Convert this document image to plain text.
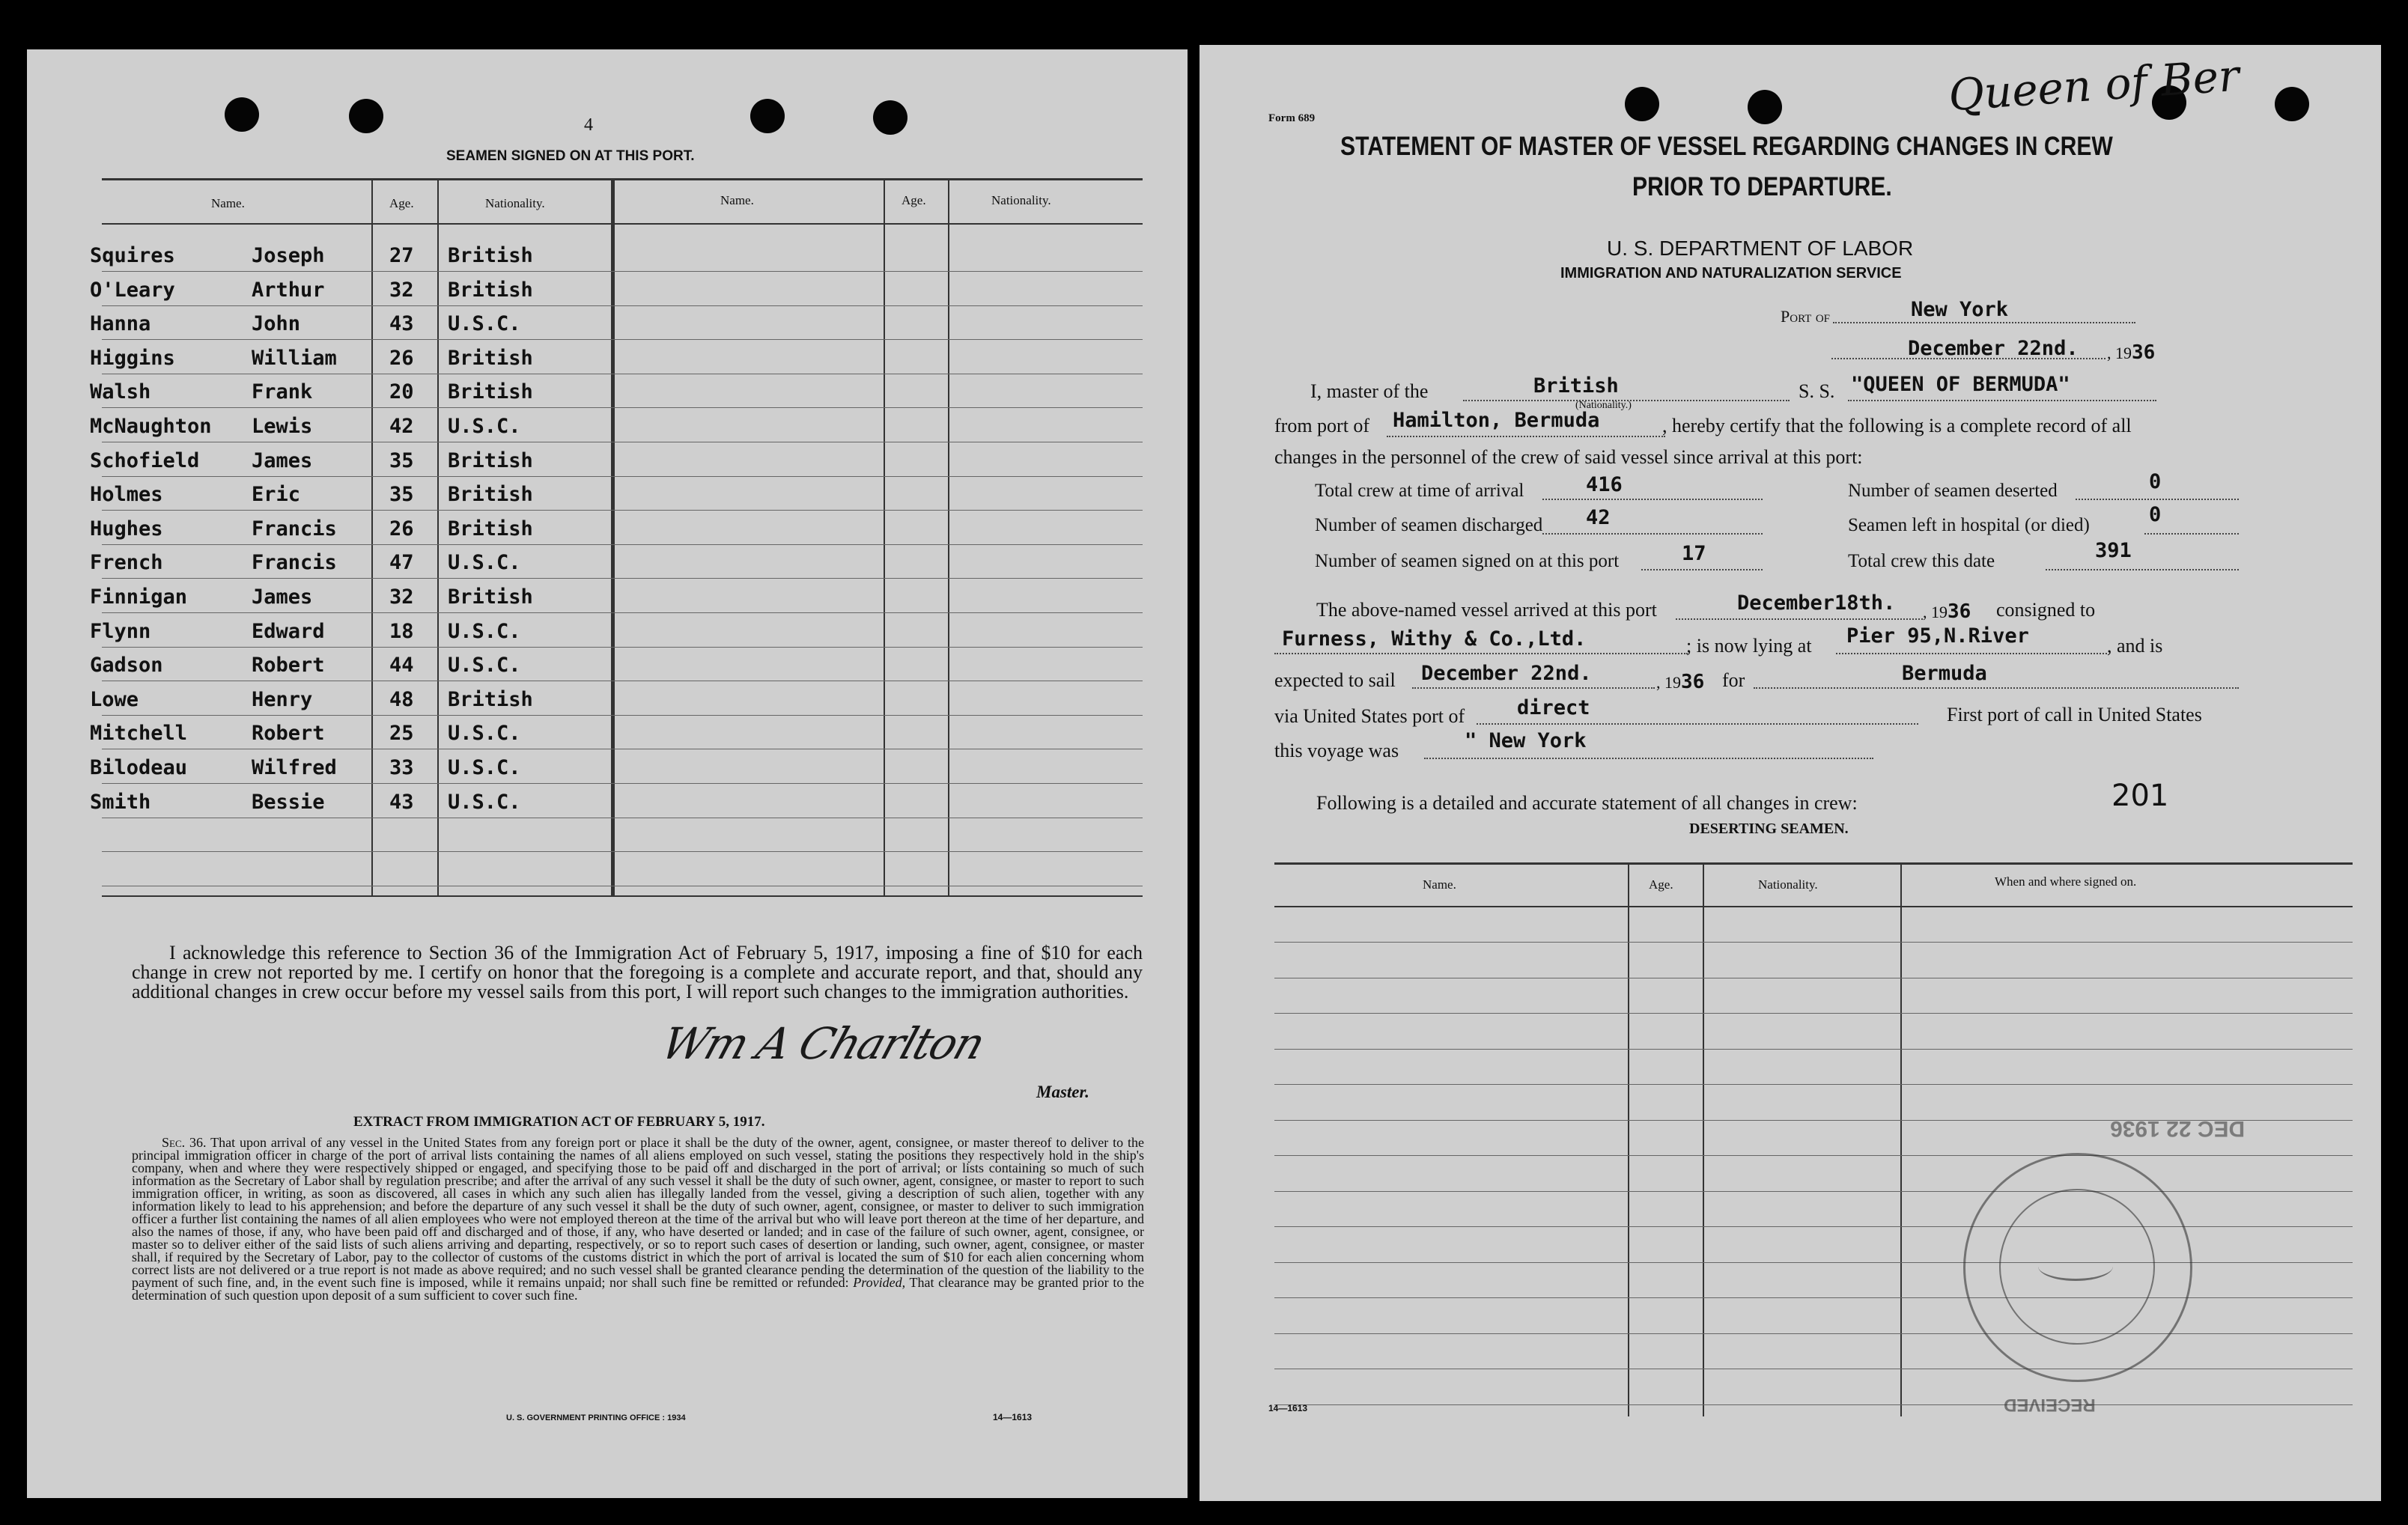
4
SEAMEN SIGNED ON AT THIS PORT.
Name.	Age.	Nationality.	Name.	Age.	Nationality.
Squires	Joseph	27 British
O'Leary	Arthur	32 British
Hanna	John	43 U.S.C.
Higgins	William	26 British
Walsh	Frank	20 British
McNaughton Lewis	42 U.S.C.
Schofield	James	35 British
Holmes	Eric	35 British
Hughes	Francis	26 British
French	Francis	47 U.S.C.
Finnigan	James	32 British
Flynn	Edward	18 U.S.C.
Gadson	Robert	44 U.S.C.
Lowe	Henry	48 British
Mitchell	Robert	25 U.S.C.
Bilodeau	Wilfred	33 U.S.C.
Smith	Bessie	43 U.S.C.
I acknowledge this reference to Section 36 of the Immigration Act of February 5, 1917, imposing a fine of $10 for each change in crew not reported by me. I certify on honor that the foregoing is a complete and accurate report, and that, should any additional changes in crew occur before my vessel sails from this port, I will report such changes to the immigration authorities.
Wm A Charlton
Master.
EXTRACT FROM IMMIGRATION ACT OF FEBRUARY 5, 1917.
Sec. 36. That upon arrival of any vessel in the United States from any foreign port or place it shall be the duty of the owner, agent, consignee, or master thereof to deliver to the principal immigration officer in charge of the port of arrival lists containing the names of all aliens employed on such vessel, stating the positions they respectively hold in the ship's company, when and where they were respectively shipped or engaged, and specifying those to be paid off and discharged in the port of arrival; or lists containing so much of such information as the Secretary of Labor shall by regulation prescribe; and after the arrival of any such vessel it shall be the duty of such owner, agent, consignee, or master to report to such immigration officer, in writing, as soon as discovered, all cases in which any such alien has illegally landed from the vessel, giving a description of such alien, together with any information likely to lead to his apprehension; and before the departure of any such vessel it shall be the duty of such owner, agent, consignee, or master to deliver to such immigration officer a further list containing the names of all alien employees who were not employed thereon at the time of the arrival but who will leave port thereon at the time of her departure, and also the names of those, if any, who have been paid off and discharged and of those, if any, who have deserted or landed; and in case of the failure of such owner, agent, consignee, or master so to deliver either of the said lists of such aliens arriving and departing, respectively, or so to report such cases of desertion or landing, such owner, agent, consignee, or master shall, if required by the Secretary of Labor, pay to the collector of customs of the customs district in which the port of arrival is located the sum of $10 for each alien concerning whom correct lists are not delivered or a true report is not made as above required; and no such vessel shall be granted clearance pending the determination of the question of the liability to the payment of such fine, and, in the event such fine is imposed, while it remains unpaid; nor shall such fine be remitted or refunded: Provided, That clearance may be granted prior to the determination of such question upon deposit of a sum sufficient to cover such fine.
U. S. GOVERNMENT PRINTING OFFICE : 1934	14—1613
Form 689	Queen of Ber
STATEMENT OF MASTER OF VESSEL REGARDING CHANGES IN CREW
PRIOR TO DEPARTURE.
U. S. DEPARTMENT OF LABOR
IMMIGRATION AND NATURALIZATION SERVICE
Port of	New York
December 22nd. , 1936
I, master of the	British
(Nationality.)
S. S. "QUEEN OF BERMUDA"
from port of Hamilton, Bermuda	, hereby certify that the following is a complete record of all
changes in the personnel of the crew of said vessel since arrival at this port:
Total crew at time of arrival	416	Number of seamen deserted	0
Number of seamen discharged 42	Seamen left in hospital (or died)	0
Number of seamen signed on at this port	17	Total crew this date	391
The above-named vessel arrived at this port	December18th. , 1936 consigned to
Furness, Withy & Co.,Ltd.	; is now lying at Pier 95,N.River	, and is
expected to sail December 22nd.	, 1936 for	Bermuda
via United States port of	direct	First port of call in United States
this voyage was	" New York
Following is a detailed and accurate statement of all changes in crew:	201
DESERTING SEAMEN.
Name.	Age.	Nationality.	When and where signed on.
DEC 22 1936
RECEIVED
14—1613
